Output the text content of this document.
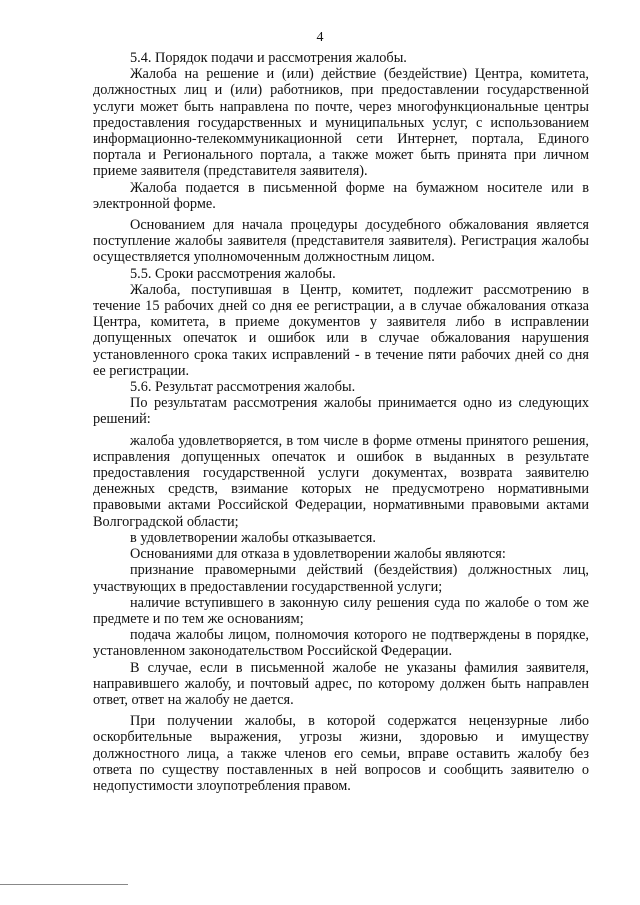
4

5.4. Порядок подачи и рассмотрения жалобы.

Жалоба на решение и (или) действие (бездействие) Центра, комитета, должностных лиц и (или) работников, при предоставлении государственной услуги может быть направлена по почте, через многофункциональные центры предоставления государственных и муниципальных услуг, с использованием информационно-телекоммуникационной сети Интернет, портала, Единого портала и Регионального портала, а также может быть принята при личном приеме заявителя (представителя заявителя).

Жалоба подается в письменной форме на бумажном носителе или в электронной форме.

Основанием для начала процедуры досудебного обжалования является поступление жалобы заявителя (представителя заявителя). Регистрация жалобы осуществляется уполномоченным должностным лицом.

5.5. Сроки рассмотрения жалобы.

Жалоба, поступившая в Центр, комитет, подлежит рассмотрению в течение 15 рабочих дней со дня ее регистрации, а в случае обжалования отказа Центра, комитета, в приеме документов у заявителя либо в исправлении допущенных опечаток и ошибок или в случае обжалования нарушения установленного срока таких исправлений - в течение пяти рабочих дней со дня ее регистрации.

5.6. Результат рассмотрения жалобы.

По результатам рассмотрения жалобы принимается одно из следующих решений:

жалоба удовлетворяется, в том числе в форме отмены принятого решения, исправления допущенных опечаток и ошибок в выданных в результате предоставления государственной услуги документах, возврата заявителю денежных средств, взимание которых не предусмотрено нормативными правовыми актами Российской Федерации, нормативными правовыми актами Волгоградской области;

в удовлетворении жалобы отказывается.

Основаниями для отказа в удовлетворении жалобы являются:

признание правомерными действий (бездействия) должностных лиц, участвующих в предоставлении государственной услуги;

наличие вступившего в законную силу решения суда по жалобе о том же предмете и по тем же основаниям;

подача жалобы лицом, полномочия которого не подтверждены в порядке, установленном законодательством Российской Федерации.

В случае, если в письменной жалобе не указаны фамилия заявителя, направившего жалобу, и почтовый адрес, по которому должен быть направлен ответ, ответ на жалобу не дается.

При получении жалобы, в которой содержатся нецензурные либо оскорбительные выражения, угрозы жизни, здоровью и имуществу должностного лица, а также членов его семьи, вправе оставить жалобу без ответа по существу поставленных в ней вопросов и сообщить заявителю о недопустимости злоупотребления правом.
